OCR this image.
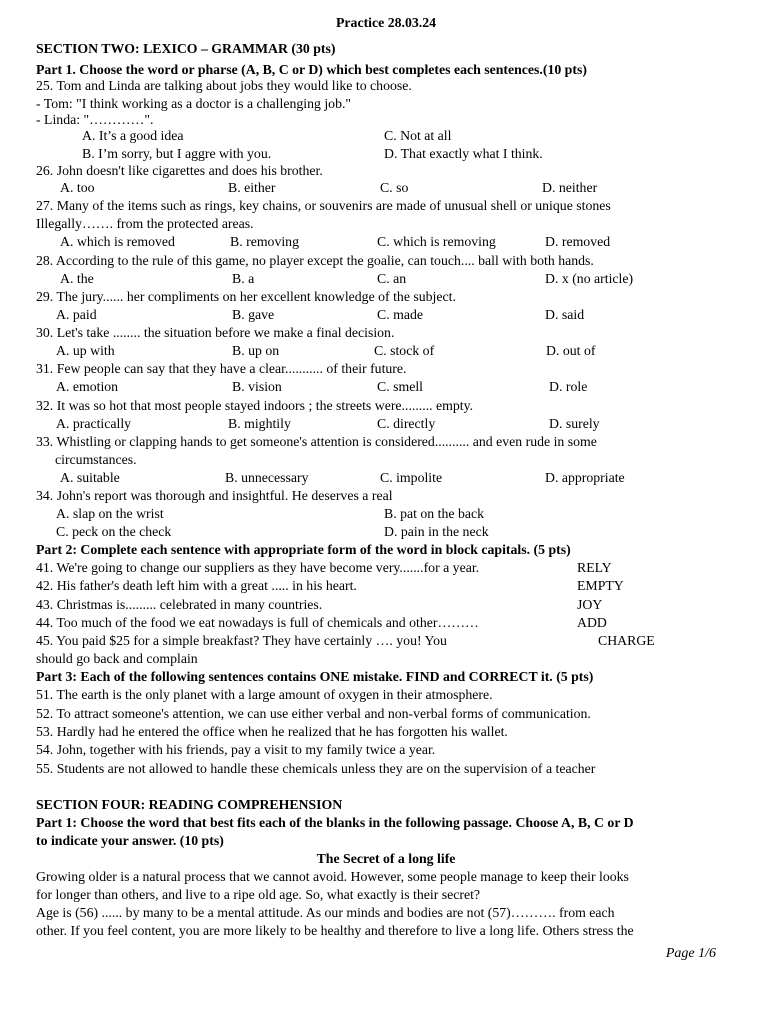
Practice 28.03.24
SECTION TWO: LEXICO – GRAMMAR (30 pts)
Part 1. Choose the word or pharse (A, B, C or D) which best completes each sentences.(10 pts)
25. Tom and Linda are talking about jobs they would like to choose.
- Tom: "I think working as a doctor is a challenging job."
- Linda: "…………".
A. It’s a good idea	C. Not at all
B. I’m sorry, but I aggre with you.	D. That exactly what I think.
26. John doesn't like cigarettes and does his brother.
A. too	B. either	C. so	D. neither
27. Many of the items such as rings, key chains, or souvenirs are made of unusual shell or unique stones
Illegally……. from the protected areas.
A. which is removed	B. removing	C. which is removing	D. removed
28. According to the rule of this game, no player except the goalie, can touch.... ball with both hands.
A. the	B. a	C. an	D. x (no article)
29. The jury...... her compliments on her excellent knowledge of the subject.
A. paid	B. gave	C. made	D. said
30. Let's take ........ the situation before we make a final decision.
A. up with	B. up on	C. stock of	D. out of
31. Few people can say that they have a clear........... of their future.
A. emotion	B. vision	C. smell	D. role
32. It was so hot that most people stayed indoors ; the streets were......... empty.
A. practically	B. mightily	C. directly	D. surely
33. Whistling or clapping hands to get someone's attention is considered.......... and even rude in some
circumstances.
A. suitable	B. unnecessary	C. impolite	D. appropriate
34. John's report was thorough and insightful. He deserves a real
A. slap on the wrist	B. pat on the back
C. peck on the check	D. pain in the neck
Part 2: Complete each sentence with appropriate form of the word in block capitals. (5 pts)
41. We're going to change our suppliers as they have become very.......for a year.	RELY
42. His father's death left him with a great ..... in his heart.	EMPTY
43. Christmas is......... celebrated in many countries.	JOY
44. Too much of the food we eat nowadays is full of chemicals and other………	ADD
45. You paid $25 for a simple breakfast? They have certainly …. you! You	CHARGE
should go back and complain
Part 3: Each of the following sentences contains ONE mistake. FIND and CORRECT it. (5 pts)
51. The earth is the only planet with a large amount of oxygen in their atmosphere.
52. To attract someone's attention, we can use either verbal and non-verbal forms of communication.
53. Hardly had he entered the office when he realized that he has forgotten his wallet.
54. John, together with his friends, pay a visit to my family twice a year.
55. Students are not allowed to handle these chemicals unless they are on the supervision of a teacher
SECTION FOUR: READING COMPREHENSION
Part 1: Choose the word that best fits each of the blanks in the following passage. Choose A, B, C or D
to indicate your answer. (10 pts)
The Secret of a long life
Growing older is a natural process that we cannot avoid. However, some people manage to keep their looks
for longer than others, and live to a ripe old age. So, what exactly is their secret?
Age is (56) ...... by many to be a mental attitude. As our minds and bodies are not (57)………. from each
other. If you feel content, you are more likely to be healthy and therefore to live a long life. Others stress the
Page 1/6
